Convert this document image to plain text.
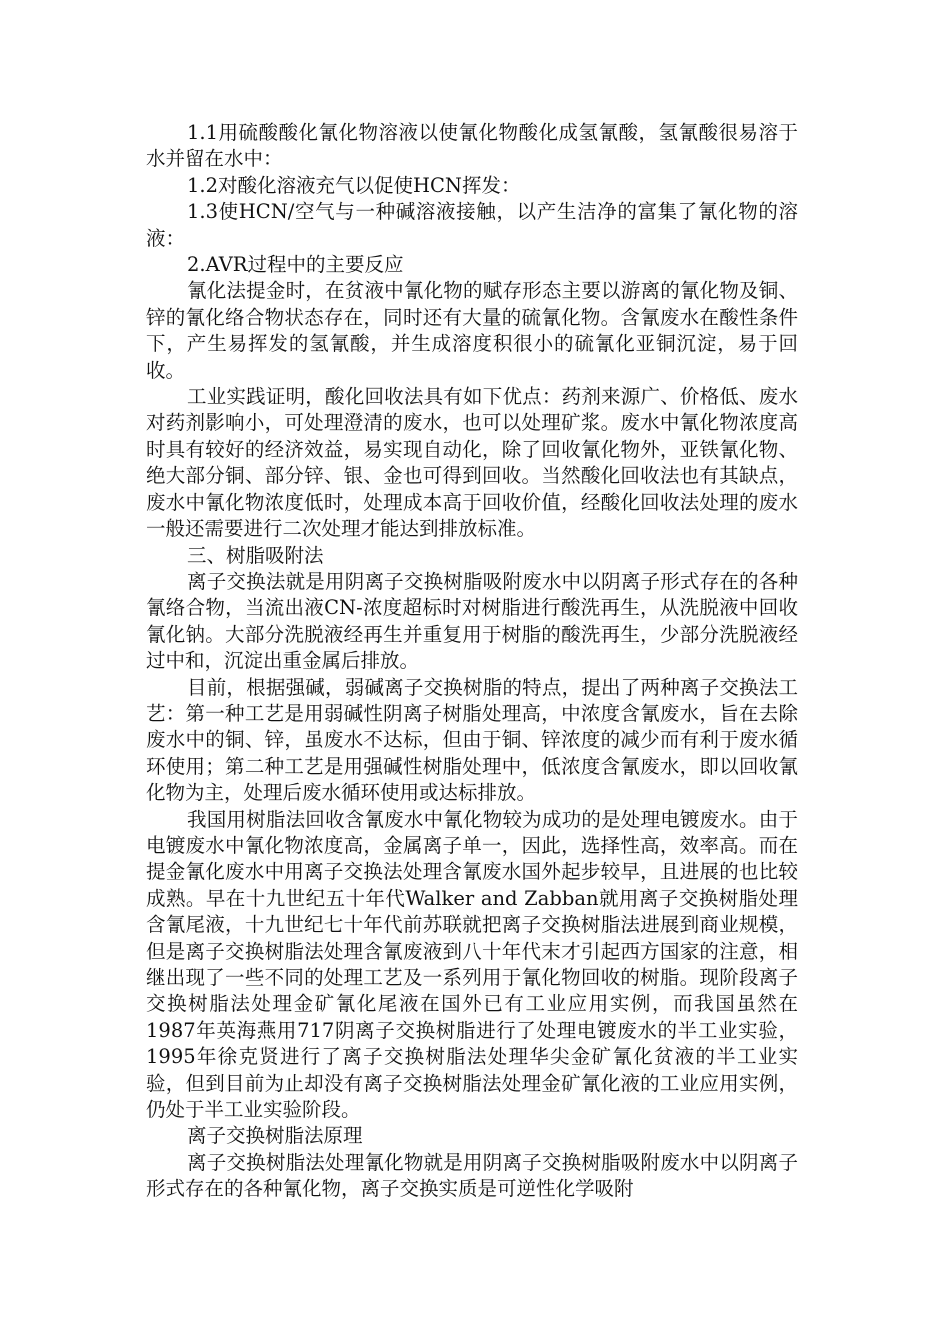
1.1用硫酸酸化氰化物溶液以使氰化物酸化成氢氰酸，氢氰酸很易溶于水并留在水中：

1.2对酸化溶液充气以促使HCN挥发：

1.3使HCN/空气与一种碱溶液接触，以产生洁净的富集了氰化物的溶液：

2.AVR过程中的主要反应

氰化法提金时，在贫液中氰化物的赋存形态主要以游离的氰化物及铜、锌的氰化络合物状态存在，同时还有大量的硫氰化物。含氰废水在酸性条件下，产生易挥发的氢氰酸，并生成溶度积很小的硫氰化亚铜沉淀，易于回收。

工业实践证明，酸化回收法具有如下优点：药剂来源广、价格低、废水对药剂影响小，可处理澄清的废水，也可以处理矿浆。废水中氰化物浓度高时具有较好的经济效益，易实现自动化，除了回收氰化物外，亚铁氰化物、绝大部分铜、部分锌、银、金也可得到回收。当然酸化回收法也有其缺点，废水中氰化物浓度低时，处理成本高于回收价值，经酸化回收法处理的废水一般还需要进行二次处理才能达到排放标准。

三、树脂吸附法

离子交换法就是用阴离子交换树脂吸附废水中以阴离子形式存在的各种氰络合物，当流出液CN-浓度超标时对树脂进行酸洗再生，从洗脱液中回收氰化钠。大部分洗脱液经再生并重复用于树脂的酸洗再生，少部分洗脱液经过中和，沉淀出重金属后排放。

目前，根据强碱，弱碱离子交换树脂的特点，提出了两种离子交换法工艺：第一种工艺是用弱碱性阴离子树脂处理高，中浓度含氰废水，旨在去除废水中的铜、锌，虽废水不达标，但由于铜、锌浓度的减少而有利于废水循环使用；第二种工艺是用强碱性树脂处理中，低浓度含氰废水，即以回收氰化物为主，处理后废水循环使用或达标排放。

我国用树脂法回收含氰废水中氰化物较为成功的是处理电镀废水。由于电镀废水中氰化物浓度高，金属离子单一，因此，选择性高，效率高。而在提金氰化废水中用离子交换法处理含氰废水国外起步较早，且进展的也比较成熟。早在十九世纪五十年代Walker and Zabban就用离子交换树脂处理含氰尾液，十九世纪七十年代前苏联就把离子交换树脂法进展到商业规模，但是离子交换树脂法处理含氰废液到八十年代末才引起西方国家的注意，相继出现了一些不同的处理工艺及一系列用于氰化物回收的树脂。现阶段离子交换树脂法处理金矿氰化尾液在国外已有工业应用实例，而我国虽然在1987年英海燕用717阴离子交换树脂进行了处理电镀废水的半工业实验，1995年徐克贤进行了离子交换树脂法处理华尖金矿氰化贫液的半工业实验，但到目前为止却没有离子交换树脂法处理金矿氰化液的工业应用实例，仍处于半工业实验阶段。

离子交换树脂法原理

离子交换树脂法处理氰化物就是用阴离子交换树脂吸附废水中以阴离子形式存在的各种氰化物，离子交换实质是可逆性化学吸附
